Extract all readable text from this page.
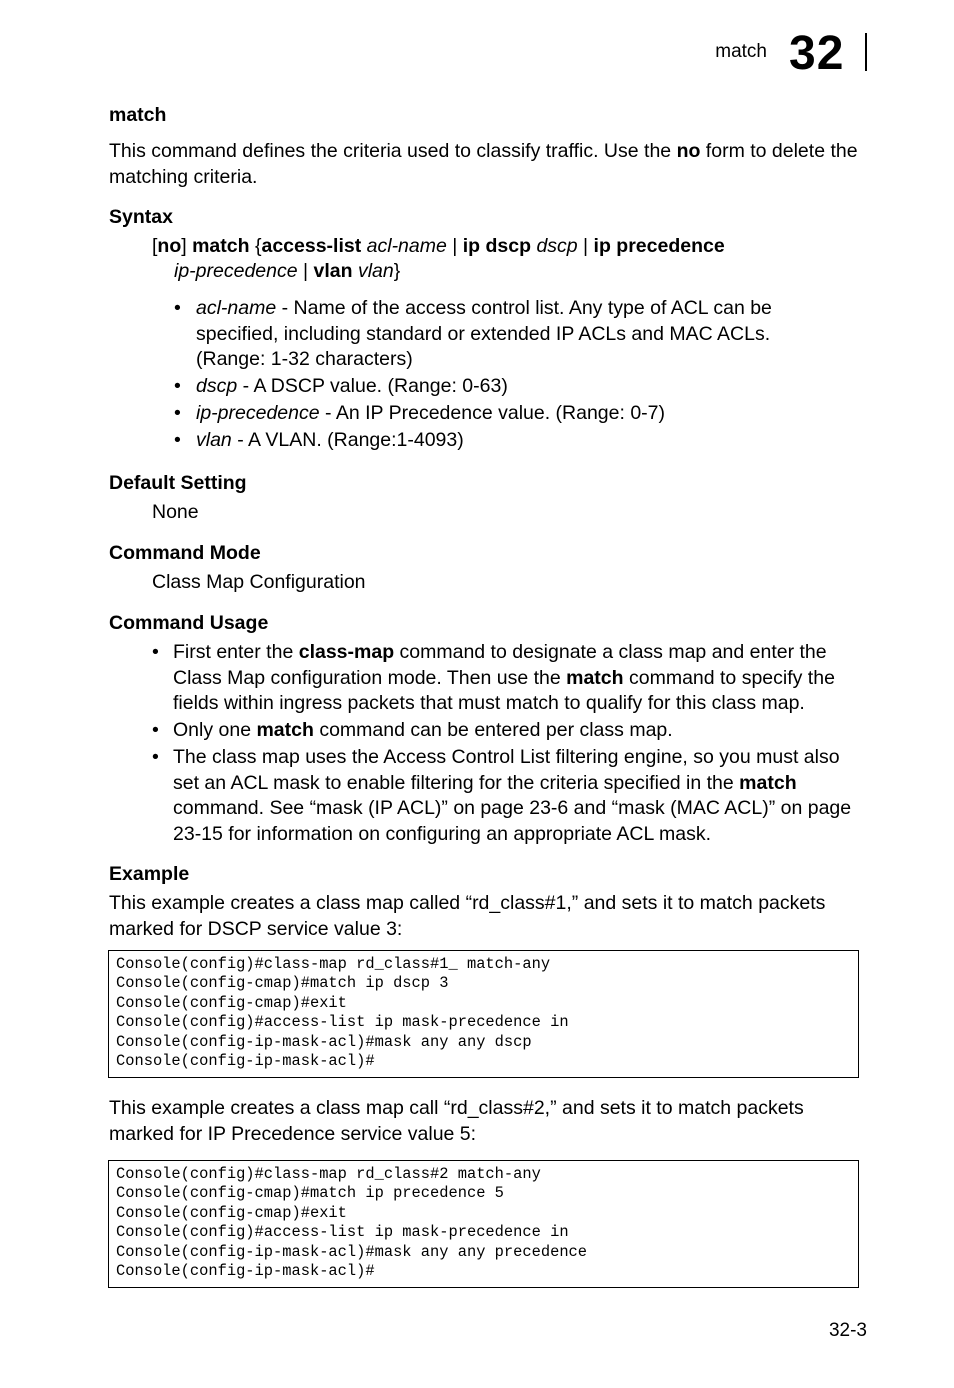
match 32
match
This command defines the criteria used to classify traffic. Use the no form to delete the matching criteria.
Syntax
[no] match {access-list acl-name | ip dscp dscp | ip precedence
ip-precedence | vlan vlan}
• acl-name - Name of the access control list. Any type of ACL can be specified, including standard or extended IP ACLs and MAC ACLs. (Range: 1-32 characters)
• dscp - A DSCP value. (Range: 0-63)
• ip-precedence - An IP Precedence value. (Range: 0-7)
• vlan - A VLAN. (Range:1-4093)
Default Setting
None
Command Mode
Class Map Configuration
Command Usage
• First enter the class-map command to designate a class map and enter the Class Map configuration mode. Then use the match command to specify the fields within ingress packets that must match to qualify for this class map.
• Only one match command can be entered per class map.
• The class map uses the Access Control List filtering engine, so you must also set an ACL mask to enable filtering for the criteria specified in the match command. See “mask (IP ACL)” on page 23-6 and “mask (MAC ACL)” on page 23-15 for information on configuring an appropriate ACL mask.
Example
This example creates a class map called “rd_class#1,” and sets it to match packets marked for DSCP service value 3:
Console(config)#class-map rd_class#1_ match-any
Console(config-cmap)#match ip dscp 3
Console(config-cmap)#exit
Console(config)#access-list ip mask-precedence in
Console(config-ip-mask-acl)#mask any any dscp
Console(config-ip-mask-acl)#
This example creates a class map call “rd_class#2,” and sets it to match packets marked for IP Precedence service value 5:
Console(config)#class-map rd_class#2 match-any
Console(config-cmap)#match ip precedence 5
Console(config-cmap)#exit
Console(config)#access-list ip mask-precedence in
Console(config-ip-mask-acl)#mask any any precedence
Console(config-ip-mask-acl)#
32-3
